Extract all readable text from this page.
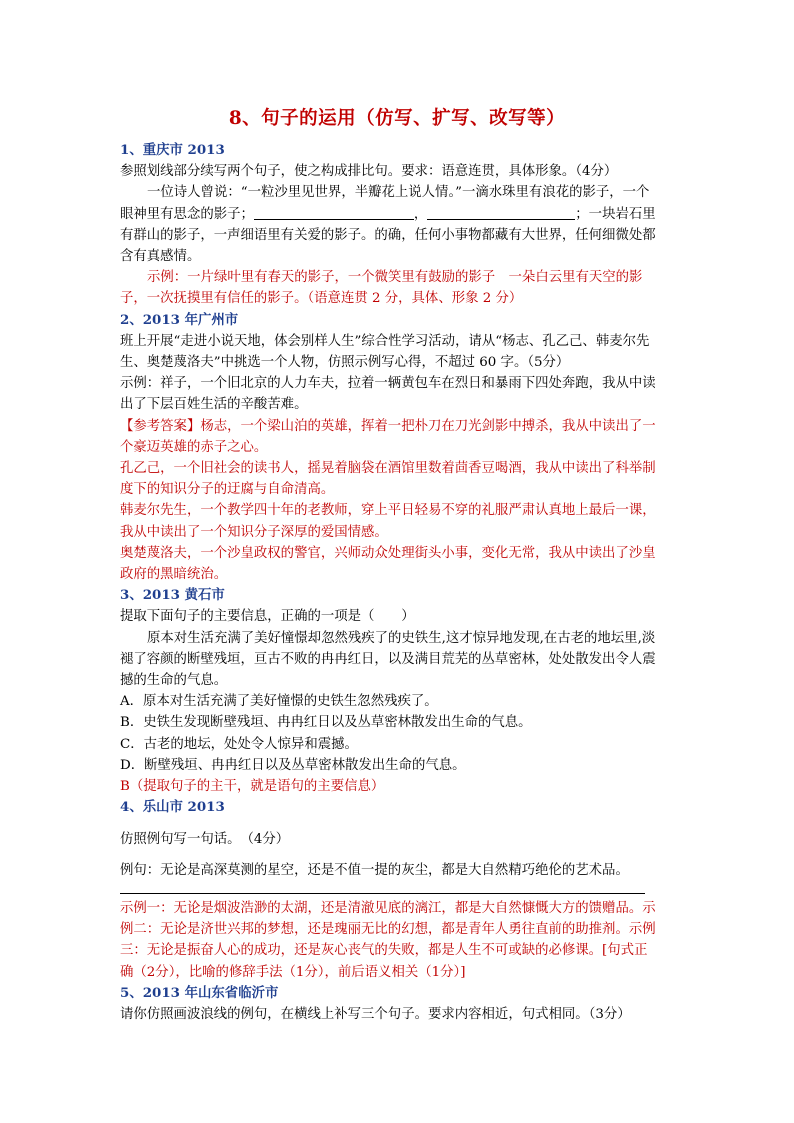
8、句子的运用（仿写、扩写、改写等）

1、重庆市 2013

参照划线部分续写两个句子，使之构成排比句。要求：语意连贯，具体形象。（4分）

一位诗人曾说：“一粒沙里见世界，半瓣花上说人情。”一滴水珠里有浪花的影子，一个眼神里有思念的影子；	，	；一块岩石里有群山的影子，一声细语里有关爱的影子。的确，任何小事物都藏有大世界，任何细微处都含有真感情。

示例：一片绿叶里有春天的影子，一个微笑里有鼓励的影子　一朵白云里有天空的影子，一次抚摸里有信任的影子。（语意连贯 2 分，具体、形象 2 分）

2、2013 年广州市

班上开展“走进小说天地，体会别样人生”综合性学习活动，请从“杨志、孔乙己、韩麦尔先生、奥楚蔑洛夫”中挑选一个人物，仿照示例写心得，不超过 60 字。（5分）

示例：祥子，一个旧北京的人力车夫，拉着一辆黄包车在烈日和暴雨下四处奔跑，我从中读出了下层百姓生活的辛酸苦难。

【参考答案】杨志，一个梁山泊的英雄，挥着一把朴刀在刀光剑影中搏杀，我从中读出了一个豪迈英雄的赤子之心。

孔乙己，一个旧社会的读书人，摇晃着脑袋在酒馆里数着茴香豆喝酒，我从中读出了科举制度下的知识分子的迂腐与自命清高。

韩麦尔先生，一个教学四十年的老教师，穿上平日轻易不穿的礼服严肃认真地上最后一课，我从中读出了一个知识分子深厚的爱国情感。

奥楚蔑洛夫，一个沙皇政权的警官，兴师动众处理街头小事，变化无常，我从中读出了沙皇政府的黑暗统治。

3、2013 黄石市

提取下面句子的主要信息，正确的一项是（　　）

原本对生活充满了美好憧憬却忽然残疾了的史铁生,这才惊异地发现,在古老的地坛里,淡褪了容颜的断壁残垣，亘古不败的冉冉红日，以及满目荒芜的丛草密林，处处散发出令人震撼的生命的气息。

A．原本对生活充满了美好憧憬的史铁生忽然残疾了。

B．史铁生发现断壁残垣、冉冉红日以及丛草密林散发出生命的气息。

C．古老的地坛，处处令人惊异和震撼。

D．断壁残垣、冉冉红日以及丛草密林散发出生命的气息。

B（提取句子的主干，就是语句的主要信息）

4、乐山市 2013

仿照例句写一句话。　（4分）

例句：无论是高深莫测的星空，还是不值一提的灰尘，都是大自然精巧绝伦的艺术品。

示例一：无论是烟波浩渺的太湖，还是清澈见底的漓江，都是大自然慷慨大方的馈赠品。示例二：无论是济世兴邦的梦想，还是瑰丽无比的幻想，都是青年人勇往直前的助推剂。示例三：无论是振奋人心的成功，还是灰心丧气的失败，都是人生不可或缺的必修课。[句式正确（2分），比喻的修辞手法（1分），前后语义相关（1分）]

5、2013 年山东省临沂市

请你仿照画波浪线的例句，在横线上补写三个句子。要求内容相近，句式相同。（3分）
